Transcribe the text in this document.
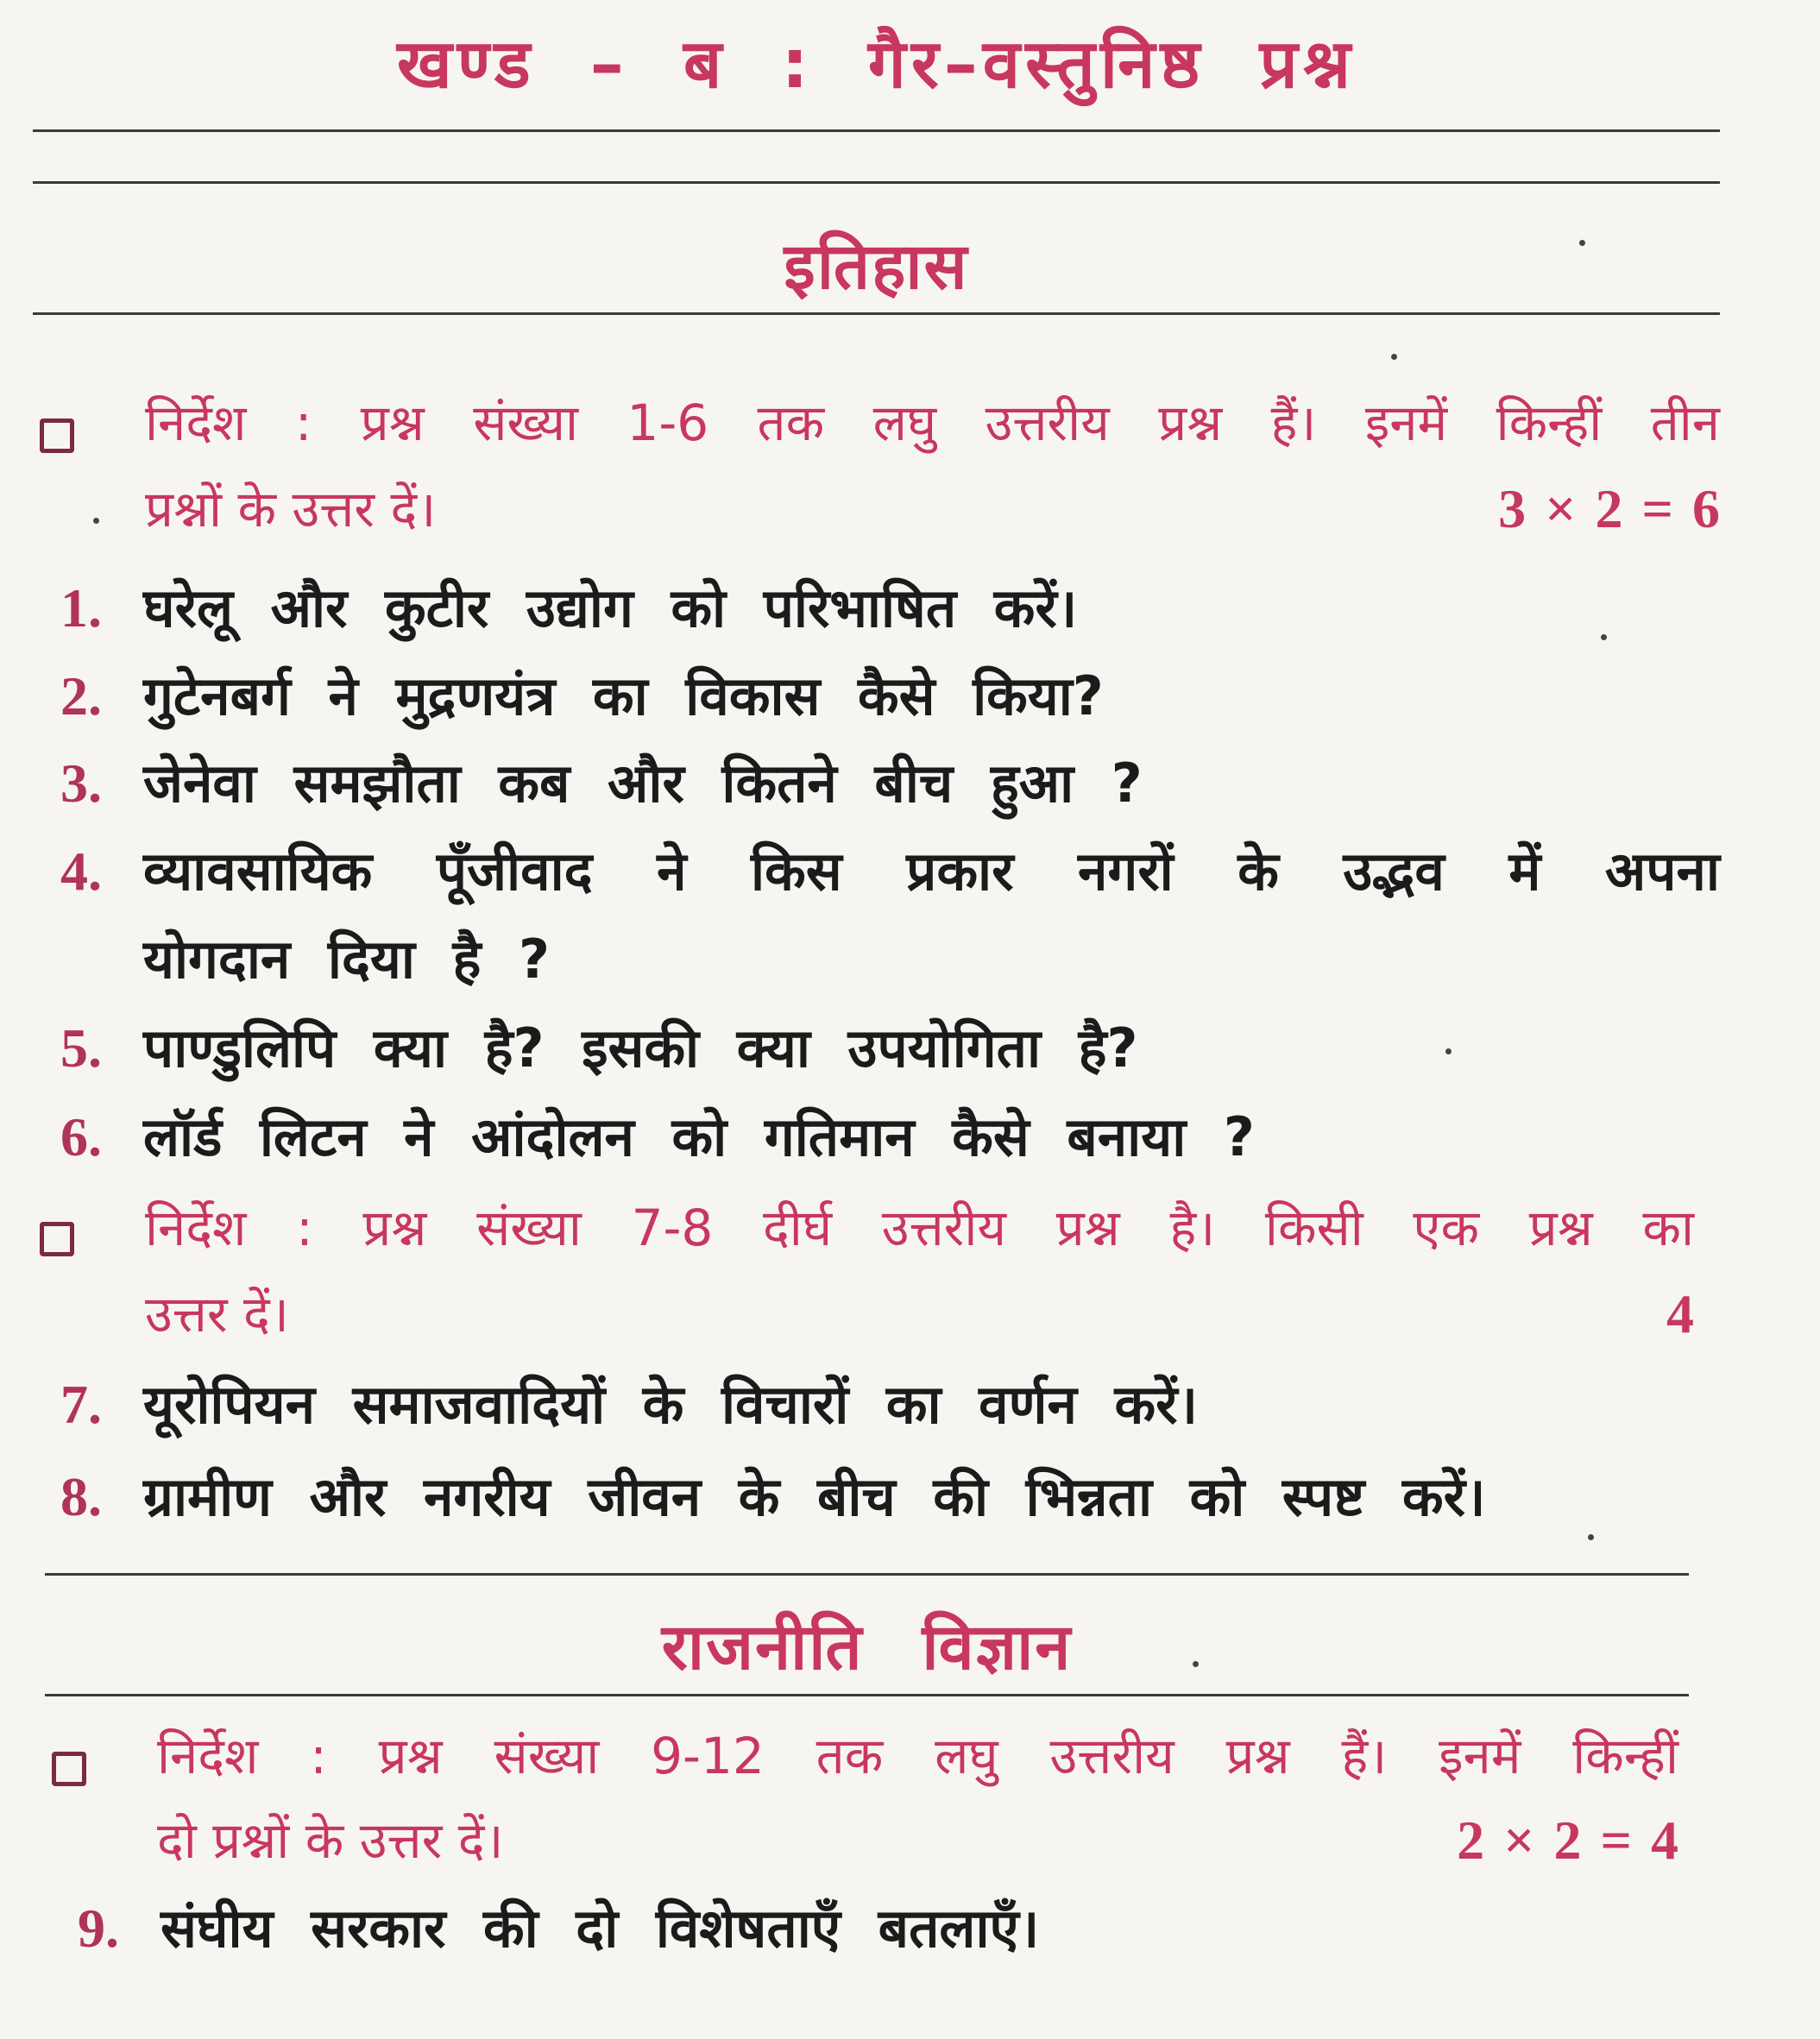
खण्ड – ब : गैर–वस्तुनिष्ठ प्रश्न
इतिहास
निर्देश : प्रश्न संख्या 1-6 तक लघु उत्तरीय प्रश्न हैं। इनमें किन्हीं तीन
प्रश्नों के उत्तर दें।	3 × 2 = 6
1. घरेलू और कुटीर उद्योग को परिभाषित करें।
2. गुटेनबर्ग ने मुद्रणयंत्र का विकास कैसे किया?
3. जेनेवा समझौता कब और कितने बीच हुआ ?
4. व्यावसायिक पूँजीवाद ने किस प्रकार नगरों के उद्भव में अपना
योगदान दिया है ?
5. पाण्डुलिपि क्या है? इसकी क्या उपयोगिता है?
6. लॉर्ड लिटन ने आंदोलन को गतिमान कैसे बनाया ?
निर्देश : प्रश्न संख्या 7-8 दीर्घ उत्तरीय प्रश्न है। किसी एक प्रश्न का
उत्तर दें।	4
7. यूरोपियन समाजवादियों के विचारों का वर्णन करें।
8. ग्रामीण और नगरीय जीवन के बीच की भिन्नता को स्पष्ट करें।
राजनीति विज्ञान
निर्देश : प्रश्न संख्या 9-12 तक लघु उत्तरीय प्रश्न हैं। इनमें किन्हीं
दो प्रश्नों के उत्तर दें।	2 × 2 = 4
9. संघीय सरकार की दो विशेषताएँ बतलाएँ।
